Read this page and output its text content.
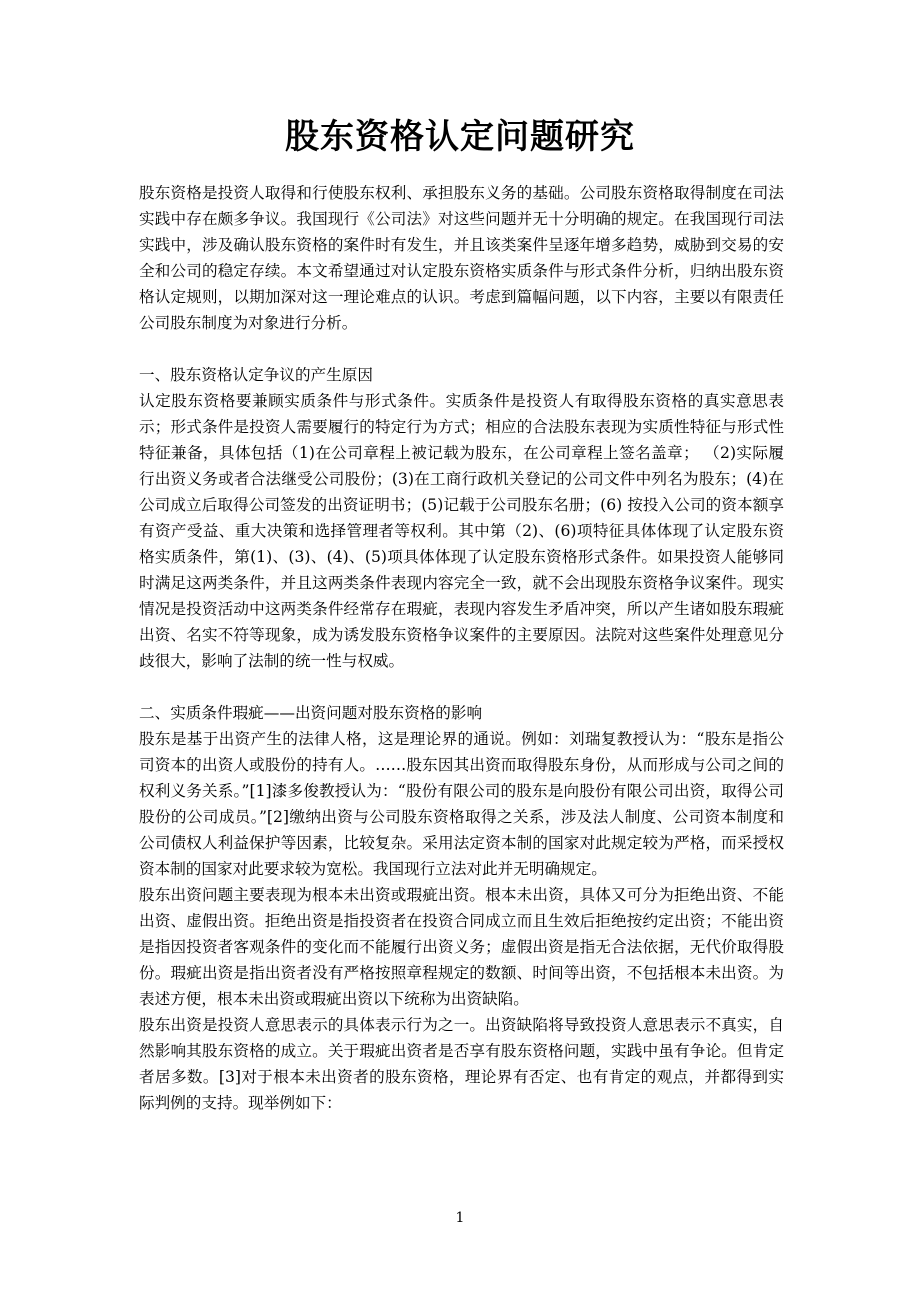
股东资格认定问题研究

股东资格是投资人取得和行使股东权利、承担股东义务的基础。公司股东资格取得制度在司法实践中存在颇多争议。我国现行《公司法》对这些问题并无十分明确的规定。在我国现行司法实践中，涉及确认股东资格的案件时有发生，并且该类案件呈逐年增多趋势，威胁到交易的安全和公司的稳定存续。本文希望通过对认定股东资格实质条件与形式条件分析，归纳出股东资格认定规则，以期加深对这一理论难点的认识。考虑到篇幅问题，以下内容，主要以有限责任公司股东制度为对象进行分析。

一、股东资格认定争议的产生原因

认定股东资格要兼顾实质条件与形式条件。实质条件是投资人有取得股东资格的真实意思表示；形式条件是投资人需要履行的特定行为方式；相应的合法股东表现为实质性特征与形式性特征兼备，具体包括（1)在公司章程上被记载为股东，在公司章程上签名盖章； （2)实际履行出资义务或者合法继受公司股份；(3)在工商行政机关登记的公司文件中列名为股东；(4)在公司成立后取得公司签发的出资证明书；(5)记载于公司股东名册；(6) 按投入公司的资本额享有资产受益、重大决策和选择管理者等权利。其中第（2)、(6)项特征具体体现了认定股东资格实质条件，第(1)、(3)、(4)、(5)项具体体现了认定股东资格形式条件。如果投资人能够同时满足这两类条件，并且这两类条件表现内容完全一致，就不会出现股东资格争议案件。现实情况是投资活动中这两类条件经常存在瑕疵，表现内容发生矛盾冲突，所以产生诸如股东瑕疵出资、名实不符等现象，成为诱发股东资格争议案件的主要原因。法院对这些案件处理意见分歧很大，影响了法制的统一性与权威。

二、实质条件瑕疵——出资问题对股东资格的影响

股东是基于出资产生的法律人格，这是理论界的通说。例如：刘瑞复教授认为：“股东是指公司资本的出资人或股份的持有人。……股东因其出资而取得股东身份，从而形成与公司之间的权利义务关系。”[1]漆多俊教授认为：“股份有限公司的股东是向股份有限公司出资，取得公司股份的公司成员。”[2]缴纳出资与公司股东资格取得之关系，涉及法人制度、公司资本制度和公司债权人利益保护等因素，比较复杂。采用法定资本制的国家对此规定较为严格，而采授权资本制的国家对此要求较为宽松。我国现行立法对此并无明确规定。

股东出资问题主要表现为根本未出资或瑕疵出资。根本未出资，具体又可分为拒绝出资、不能出资、虚假出资。拒绝出资是指投资者在投资合同成立而且生效后拒绝按约定出资；不能出资是指因投资者客观条件的变化而不能履行出资义务；虚假出资是指无合法依据，无代价取得股份。瑕疵出资是指出资者没有严格按照章程规定的数额、时间等出资，不包括根本未出资。为表述方便，根本未出资或瑕疵出资以下统称为出资缺陷。

股东出资是投资人意思表示的具体表示行为之一。出资缺陷将导致投资人意思表示不真实，自然影响其股东资格的成立。关于瑕疵出资者是否享有股东资格问题，实践中虽有争论。但肯定者居多数。[3]对于根本未出资者的股东资格，理论界有否定、也有肯定的观点，并都得到实际判例的支持。现举例如下：

1
